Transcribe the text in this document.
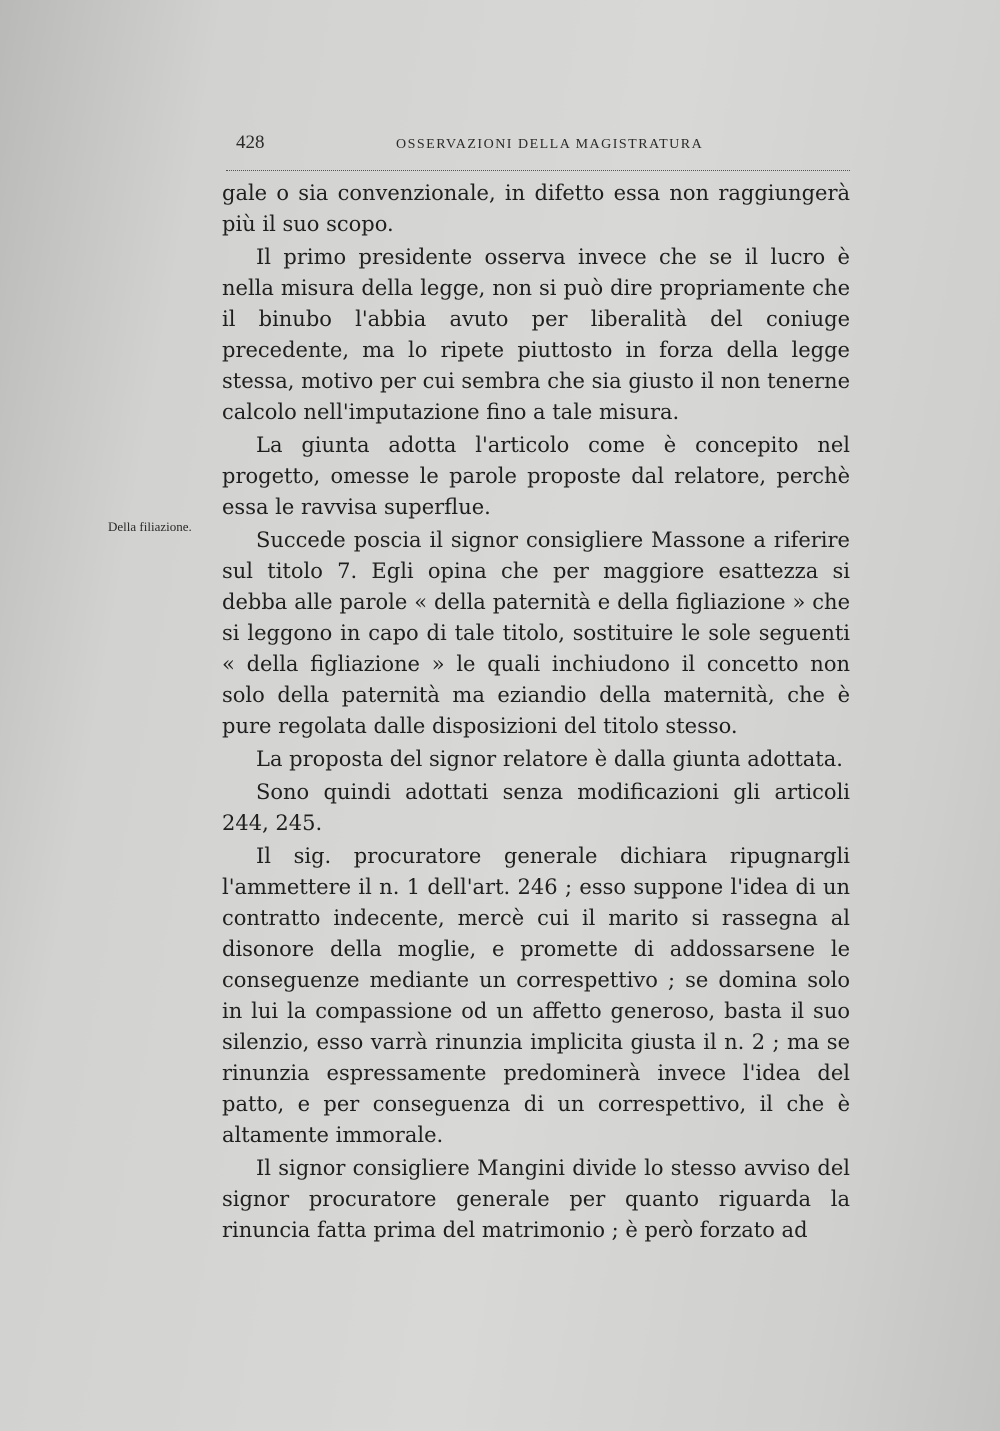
428	OSSERVAZIONI DELLA MAGISTRATURA
Della filiazione.

gale o sia convenzionale, in difetto essa non raggiungerà più il suo scopo.

Il primo presidente osserva invece che se il lucro è nella misura della legge, non si può dire propriamente che il binubo l'abbia avuto per liberalità del coniuge precedente, ma lo ripete piuttosto in forza della legge stessa, motivo per cui sembra che sia giusto il non tenerne calcolo nell'imputazione fino a tale misura.

La giunta adotta l'articolo come è concepito nel progetto, omesse le parole proposte dal relatore, perchè essa le ravvisa superflue.

Succede poscia il signor consigliere Massone a riferire sul titolo 7. Egli opina che per maggiore esattezza si debba alle parole « della paternità e della figliazione » che si leggono in capo di tale titolo, sostituire le sole seguenti « della figliazione » le quali inchiudono il concetto non solo della paternità ma eziandio della maternità, che è pure regolata dalle disposizioni del titolo stesso.

La proposta del signor relatore è dalla giunta adottata.

Sono quindi adottati senza modificazioni gli articoli 244, 245.

Il sig. procuratore generale dichiara ripugnargli l'ammettere il n. 1 dell'art. 246 ; esso suppone l'idea di un contratto indecente, mercè cui il marito si rassegna al disonore della moglie, e promette di addossarsene le conseguenze mediante un correspettivo ; se domina solo in lui la compassione od un affetto generoso, basta il suo silenzio, esso varrà rinunzia implicita giusta il n. 2 ; ma se rinunzia espressamente predominerà invece l'idea del patto, e per conseguenza di un correspettivo, il che è altamente immorale.

Il signor consigliere Mangini divide lo stesso avviso del signor procuratore generale per quanto riguarda la rinuncia fatta prima del matrimonio ; è però forzato ad
